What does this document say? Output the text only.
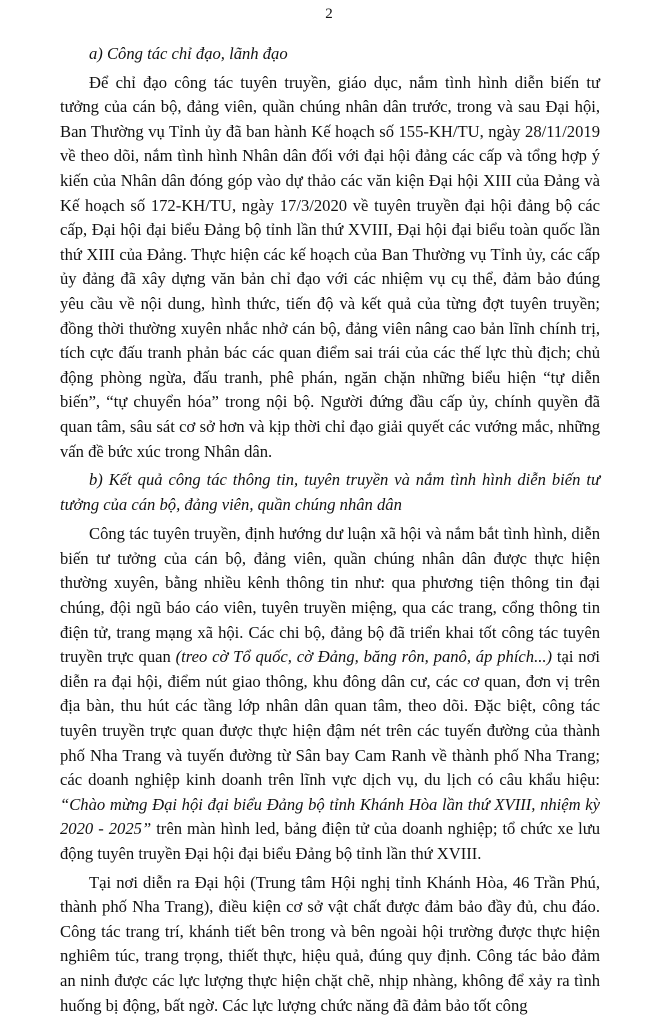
2

a) Công tác chỉ đạo, lãnh đạo

Để chỉ đạo công tác tuyên truyền, giáo dục, nắm tình hình diễn biến tư tưởng của cán bộ, đảng viên, quần chúng nhân dân trước, trong và sau Đại hội, Ban Thường vụ Tỉnh ủy đã ban hành Kế hoạch số 155-KH/TU, ngày 28/11/2019 về theo dõi, nắm tình hình Nhân dân đối với đại hội đảng các cấp và tổng hợp ý kiến của Nhân dân đóng góp vào dự thảo các văn kiện Đại hội XIII của Đảng và Kế hoạch số 172-KH/TU, ngày 17/3/2020 về tuyên truyền đại hội đảng bộ các cấp, Đại hội đại biểu Đảng bộ tỉnh lần thứ XVIII, Đại hội đại biểu toàn quốc lần thứ XIII của Đảng. Thực hiện các kế hoạch của Ban Thường vụ Tỉnh ủy, các cấp ủy đảng đã xây dựng văn bản chỉ đạo với các nhiệm vụ cụ thể, đảm bảo đúng yêu cầu về nội dung, hình thức, tiến độ và kết quả của từng đợt tuyên truyền; đồng thời thường xuyên nhắc nhở cán bộ, đảng viên nâng cao bản lĩnh chính trị, tích cực đấu tranh phản bác các quan điểm sai trái của các thế lực thù địch; chủ động phòng ngừa, đấu tranh, phê phán, ngăn chặn những biểu hiện “tự diễn biến”, “tự chuyển hóa” trong nội bộ. Người đứng đầu cấp ủy, chính quyền đã quan tâm, sâu sát cơ sở hơn và kịp thời chỉ đạo giải quyết các vướng mắc, những vấn đề bức xúc trong Nhân dân.

b) Kết quả công tác thông tin, tuyên truyền và nắm tình hình diễn biến tư tưởng của cán bộ, đảng viên, quần chúng nhân dân

Công tác tuyên truyền, định hướng dư luận xã hội và nắm bắt tình hình, diễn biến tư tưởng của cán bộ, đảng viên, quần chúng nhân dân được thực hiện thường xuyên, bằng nhiều kênh thông tin như: qua phương tiện thông tin đại chúng, đội ngũ báo cáo viên, tuyên truyền miệng, qua các trang, cổng thông tin điện tử, trang mạng xã hội. Các chi bộ, đảng bộ đã triển khai tốt công tác tuyên truyền trực quan (treo cờ Tổ quốc, cờ Đảng, băng rôn, panô, áp phích...) tại nơi diễn ra đại hội, điểm nút giao thông, khu đông dân cư, các cơ quan, đơn vị trên địa bàn, thu hút các tầng lớp nhân dân quan tâm, theo dõi. Đặc biệt, công tác tuyên truyền trực quan được thực hiện đậm nét trên các tuyến đường của thành phố Nha Trang và tuyến đường từ Sân bay Cam Ranh về thành phố Nha Trang; các doanh nghiệp kinh doanh trên lĩnh vực dịch vụ, du lịch có câu khẩu hiệu: “Chào mừng Đại hội đại biểu Đảng bộ tỉnh Khánh Hòa lần thứ XVIII, nhiệm kỳ 2020 - 2025” trên màn hình led, bảng điện tử của doanh nghiệp; tổ chức xe lưu động tuyên truyền Đại hội đại biểu Đảng bộ tỉnh lần thứ XVIII.

Tại nơi diễn ra Đại hội (Trung tâm Hội nghị tỉnh Khánh Hòa, 46 Trần Phú, thành phố Nha Trang), điều kiện cơ sở vật chất được đảm bảo đầy đủ, chu đáo. Công tác trang trí, khánh tiết bên trong và bên ngoài hội trường được thực hiện nghiêm túc, trang trọng, thiết thực, hiệu quả, đúng quy định. Công tác bảo đảm an ninh được các lực lượng thực hiện chặt chẽ, nhịp nhàng, không để xảy ra tình huống bị động, bất ngờ. Các lực lượng chức năng đã đảm bảo tốt công
